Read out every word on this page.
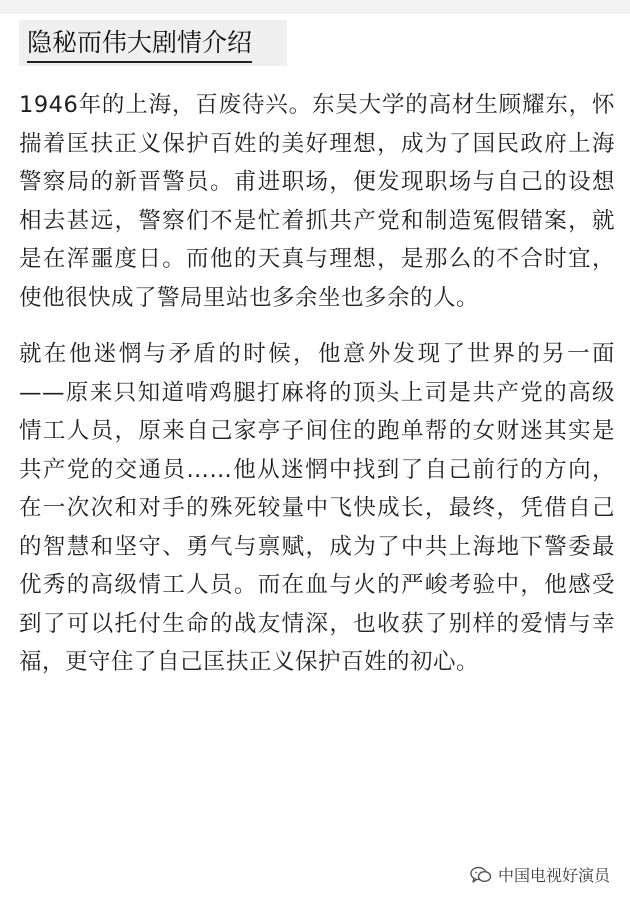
隐秘而伟大剧情介绍

1946年的上海，百废待兴。东吴大学的高材生顾耀东，怀揣着匡扶正义保护百姓的美好理想，成为了国民政府上海警察局的新晋警员。甫进职场，便发现职场与自己的设想相去甚远，警察们不是忙着抓共产党和制造冤假错案，就是在浑噩度日。而他的天真与理想，是那么的不合时宜，使他很快成了警局里站也多余坐也多余的人。

就在他迷惘与矛盾的时候，他意外发现了世界的另一面——原来只知道啃鸡腿打麻将的顶头上司是共产党的高级情工人员，原来自己家亭子间住的跑单帮的女财迷其实是共产党的交通员……他从迷惘中找到了自己前行的方向，在一次次和对手的殊死较量中飞快成长，最终，凭借自己的智慧和坚守、勇气与禀赋，成为了中共上海地下警委最优秀的高级情工人员。而在血与火的严峻考验中，他感受到了可以托付生命的战友情深，也收获了别样的爱情与幸福，更守住了自己匡扶正义保护百姓的初心。

中国电视好演员
